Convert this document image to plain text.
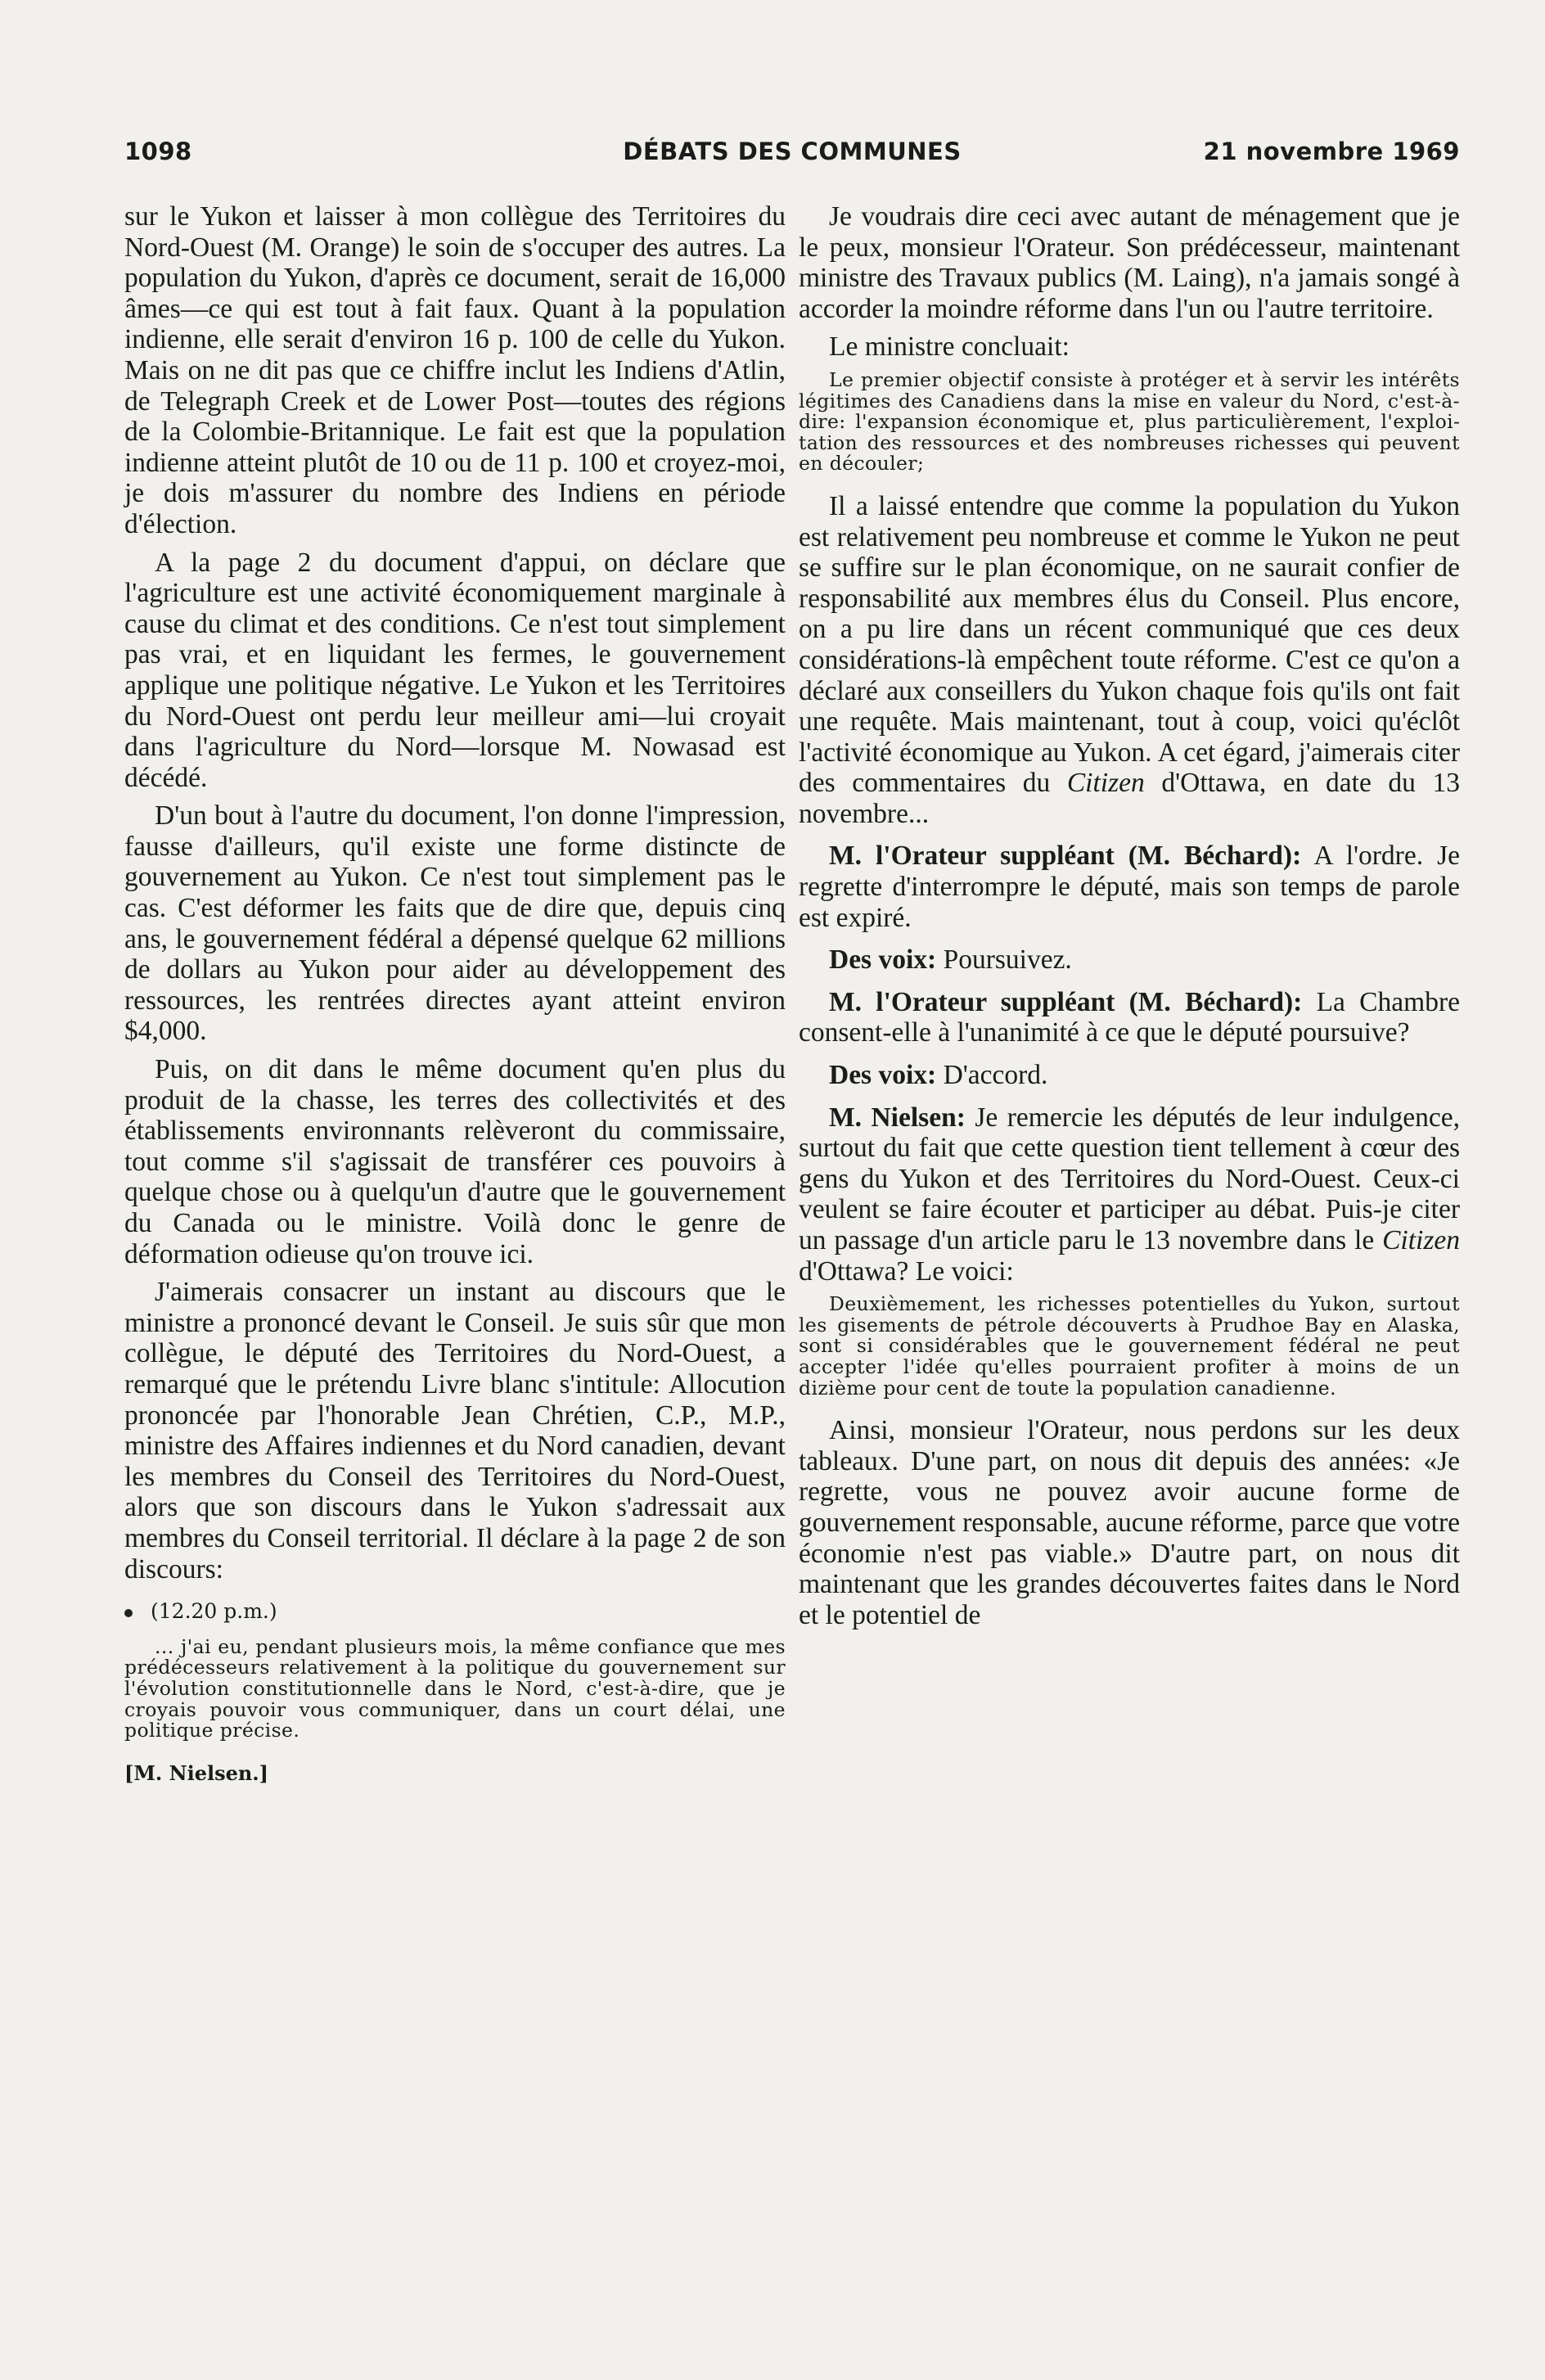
1098	DÉBATS DES COMMUNES	21 novembre 1969

sur le Yukon et laisser à mon collègue des Territoires du Nord-Ouest (M. Orange) le soin de s'occuper des autres. La population du Yukon, d'après ce document, serait de 16,000 âmes—ce qui est tout à fait faux. Quant à la population indienne, elle serait d'environ 16 p. 100 de celle du Yukon. Mais on ne dit pas que ce chiffre inclut les Indiens d'Atlin, de Telegraph Creek et de Lower Post—toutes des régions de la Colombie-Britannique. Le fait est que la population indienne atteint plutôt de 10 ou de 11 p. 100 et croyez-moi, je dois m'assurer du nombre des Indiens en période d'élection.

A la page 2 du document d'appui, on déclare que l'agriculture est une activité économiquement marginale à cause du climat et des conditions. Ce n'est tout simplement pas vrai, et en liquidant les fermes, le gouvernement applique une politique négative. Le Yukon et les Territoires du Nord-Ouest ont perdu leur meilleur ami—lui croyait dans l'agriculture du Nord—lorsque M. Nowasad est décédé.

D'un bout à l'autre du document, l'on donne l'impression, fausse d'ailleurs, qu'il existe une forme distincte de gouvernement au Yukon. Ce n'est tout simplement pas le cas. C'est déformer les faits que de dire que, depuis cinq ans, le gouvernement fédéral a dépensé quelque 62 millions de dollars au Yukon pour aider au développement des ressources, les rentrées directes ayant atteint environ $4,000.

Puis, on dit dans le même document qu'en plus du produit de la chasse, les terres des collectivités et des établissements environnants relèveront du commissaire, tout comme s'il s'agissait de transférer ces pouvoirs à quelque chose ou à quelqu'un d'autre que le gouvernement du Canada ou le ministre. Voilà donc le genre de déformation odieuse qu'on trouve ici.

J'aimerais consacrer un instant au discours que le ministre a prononcé devant le Conseil. Je suis sûr que mon collègue, le député des Territoires du Nord-Ouest, a remarqué que le prétendu Livre blanc s'intitule: Allocution prononcée par l'honorable Jean Chrétien, C.P., M.P., ministre des Affaires indiennes et du Nord canadien, devant les membres du Conseil des Territoires du Nord-Ouest, alors que son discours dans le Yukon s'adressait aux membres du Conseil territorial. Il déclare à la page 2 de son discours:

(12.20 p.m.)
... j'ai eu, pendant plusieurs mois, la même confiance que mes prédécesseurs relativement à la politique du gouvernement sur l'évolution constitutionnelle dans le Nord, c'est-à-dire, que je croyais pouvoir vous communiquer, dans un court délai, une politique précise.
[M. Nielsen.]

Je voudrais dire ceci avec autant de ménagement que je le peux, monsieur l'Orateur. Son prédécesseur, maintenant ministre des Travaux publics (M. Laing), n'a jamais songé à accorder la moindre réforme dans l'un ou l'autre territoire.

Le ministre concluait:

Le premier objectif consiste à protéger et à servir les intérêts légitimes des Canadiens dans la mise en valeur du Nord, c'est-à-dire: l'expansion économique et, plus particulièrement, l'exploitation des ressources et des nombreuses richesses qui peuvent en découler;

Il a laissé entendre que comme la population du Yukon est relativement peu nombreuse et comme le Yukon ne peut se suffire sur le plan économique, on ne saurait confier de responsabilité aux membres élus du Conseil. Plus encore, on a pu lire dans un récent communiqué que ces deux considérations-là empêchent toute réforme. C'est ce qu'on a déclaré aux conseillers du Yukon chaque fois qu'ils ont fait une requête. Mais maintenant, tout à coup, voici qu'éclôt l'activité économique au Yukon. A cet égard, j'aimerais citer des commentaires du Citizen d'Ottawa, en date du 13 novembre...

M. l'Orateur suppléant (M. Béchard): A l'ordre. Je regrette d'interrompre le député, mais son temps de parole est expiré.

Des voix: Poursuivez.

M. l'Orateur suppléant (M. Béchard): La Chambre consent-elle à l'unanimité à ce que le député poursuive?

Des voix: D'accord.

M. Nielsen: Je remercie les députés de leur indulgence, surtout du fait que cette question tient tellement à cœur des gens du Yukon et des Territoires du Nord-Ouest. Ceux-ci veulent se faire écouter et participer au débat. Puis-je citer un passage d'un article paru le 13 novembre dans le Citizen d'Ottawa? Le voici:

Deuxièmement, les richesses potentielles du Yukon, surtout les gisements de pétrole découverts à Prudhoe Bay en Alaska, sont si considérables que le gouvernement fédéral ne peut accepter l'idée qu'elles pourraient profiter à moins de un dizième pour cent de toute la population canadienne.

Ainsi, monsieur l'Orateur, nous perdons sur les deux tableaux. D'une part, on nous dit depuis des années: «Je regrette, vous ne pouvez avoir aucune forme de gouvernement responsable, aucune réforme, parce que votre économie n'est pas viable.» D'autre part, on nous dit maintenant que les grandes découvertes faites dans le Nord et le potentiel de
